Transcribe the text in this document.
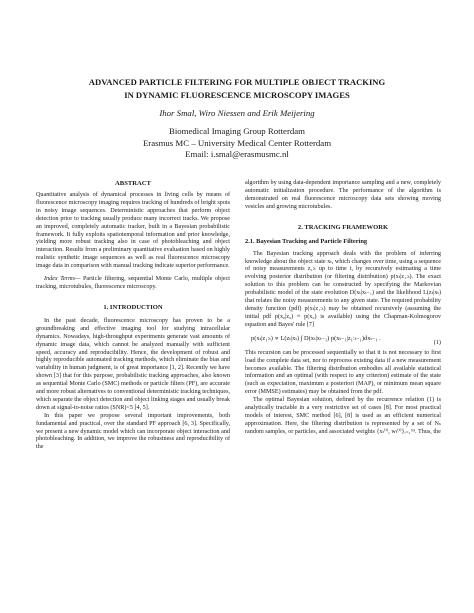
ADVANCED PARTICLE FILTERING FOR MULTIPLE OBJECT TRACKING
IN DYNAMIC FLUORESCENCE MICROSCOPY IMAGES
Ihor Smal, Wiro Niessen and Erik Meijering
Biomedical Imaging Group Rotterdam
Erasmus MC – University Medical Center Rotterdam
Email: i.smal@erasmusmc.nl

ABSTRACT

Quantitative analysis of dynamical processes in living cells by means of fluorescence microscopy imaging requires tracking of hundreds of bright spots in noisy image sequences. Deterministic approaches that perform object detection prior to tracking usually produce many incorrect tracks. We propose an improved, completely automatic tracker, built in a Bayesian probabilistic framework. It fully exploits spatiotemporal information and prior knowledge, yielding more robust tracking also in case of photobleaching and object interaction. Results from a preliminary quantitative evaluation based on highly realistic synthetic image sequences as well as real fluorescence microscopy image data in comparison with manual tracking indicate superior performance.

Index Terms— Particle filtering, sequential Monte Carlo, multiple object tracking, microtubules, fluorescence microscopy.

1. INTRODUCTION

In the past decade, fluorescence microscopy has proven to be a groundbreaking and effective imaging tool for studying intracellular dynamics. Nowadays, high-throughput experiments generate vast amounts of dynamic image data, which cannot be analyzed manually with sufficient speed, accuracy and reproducibility. Hence, the development of robust and highly reproducible automated tracking methods, which eliminate the bias and variability in human judgment, is of great importance [1, 2]. Recently we have shown [3] that for this purpose, probabilistic tracking approaches, also known as sequential Monte Carlo (SMC) methods or particle filters (PF), are accurate and more robust alternatives to conventional deterministic tracking techniques, which separate the object detection and object linking stages and usually break down at signal-to-noise ratios (SNR)<5 [4, 5].

In this paper we propose several important improvements, both fundamental and practical, over the standard PF approach [6, 3]. Specifically, we present a new dynamic model which can incorporate object interaction and photobleaching. In addition, we improve the robustness and reproducibility of the

algorithm by using data-dependent importance sampling and a new, completely automatic initialization procedure. The performance of the algorithm is demonstrated on real fluorescence microscopy data sets showing moving vesicles and growing microtubules.

2. TRACKING FRAMEWORK

2.1. Bayesian Tracking and Particle Filtering

The Bayesian tracking approach deals with the problem of inferring knowledge about the object state xₜ, which changes over time, using a sequence of noisy measurements z₁:ₜ up to time t, by recursively estimating a time evolving posterior distribution (or filtering distribution) p(xₜ|z₁:ₜ). The exact solution to this problem can be constructed by specifying the Markovian probabilistic model of the state evolution D(xₜ|xₜ₋₁) and the likelihood L(zₜ|xₜ) that relates the noisy measurements to any given state. The required probability density function (pdf) p(xₜ|z₁:ₜ) may be obtained recursively (assuming the initial pdf p(x₀|z₀) ≡ p(x₀) is available) using the Chapman-Kolmogorov equation and Bayes' rule [7]

p(xₜ|z₁:ₜ) ∝ L(zₜ|xₜ) ∫ D(xₜ|xₜ₋₁) p(xₜ₋₁|z₁:ₜ₋₁)dxₜ₋₁ .
(1)

This recursion can be processed sequentially so that it is not necessary to first load the complete data set, nor to reprocess existing data if a new measurement becomes available. The filtering distribution embodies all available statistical information and an optimal (with respect to any criterion) estimate of the state (such as expectation, maximum a posteriori (MAP), or minimum mean square error (MMSE) estimates) may be obtained from the pdf.

The optimal Bayesian solution, defined by the recurrence relation (1) is analytically tractable in a very restrictive set of cases [8]. For most practical models of interest, SMC method [6], [8] is used as an efficient numerical approximation. Here, the filtering distribution is represented by a set of Nₛ random samples, or particles, and associated weights {xₜ⁽ⁱ⁾, wₜ⁽ⁱ⁾}ᵢ₌₁ᴺˢ. Thus, the
